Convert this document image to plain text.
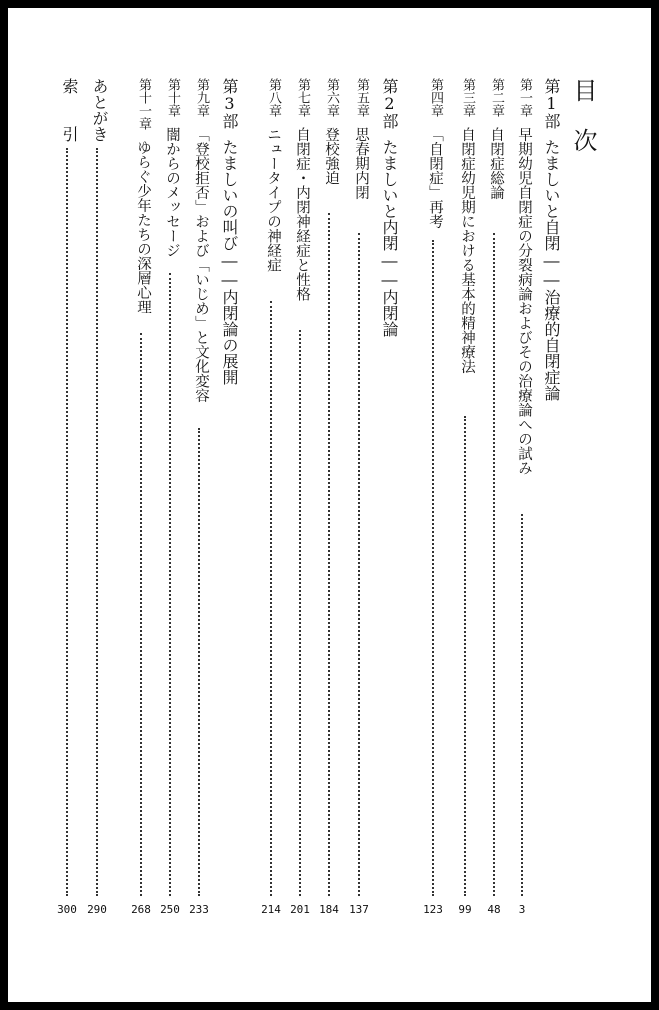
目次
第1部たましいと自閉――治療的自閉症論
第一章早期幼児自閉症の分裂病論およびその治療論への試み
3
第二章自閉症総論
48
第三章自閉症幼児期における基本的精神療法
99
第四章「自閉症」再考
123
第2部たましいと内閉――内閉論
第五章思春期内閉
137
第六章登校強迫
184
第七章自閉症・内閉神経症と性格
201
第八章ニュータイプの神経症
214
第3部たましいの叫び――内閉論の展開
第九章「登校拒否」および「いじめ」と文化変容
233
第十章闇からのメッセージ
250
第十一章ゆらぐ少年たちの深層心理
268
あとがき
290
索　引
300
